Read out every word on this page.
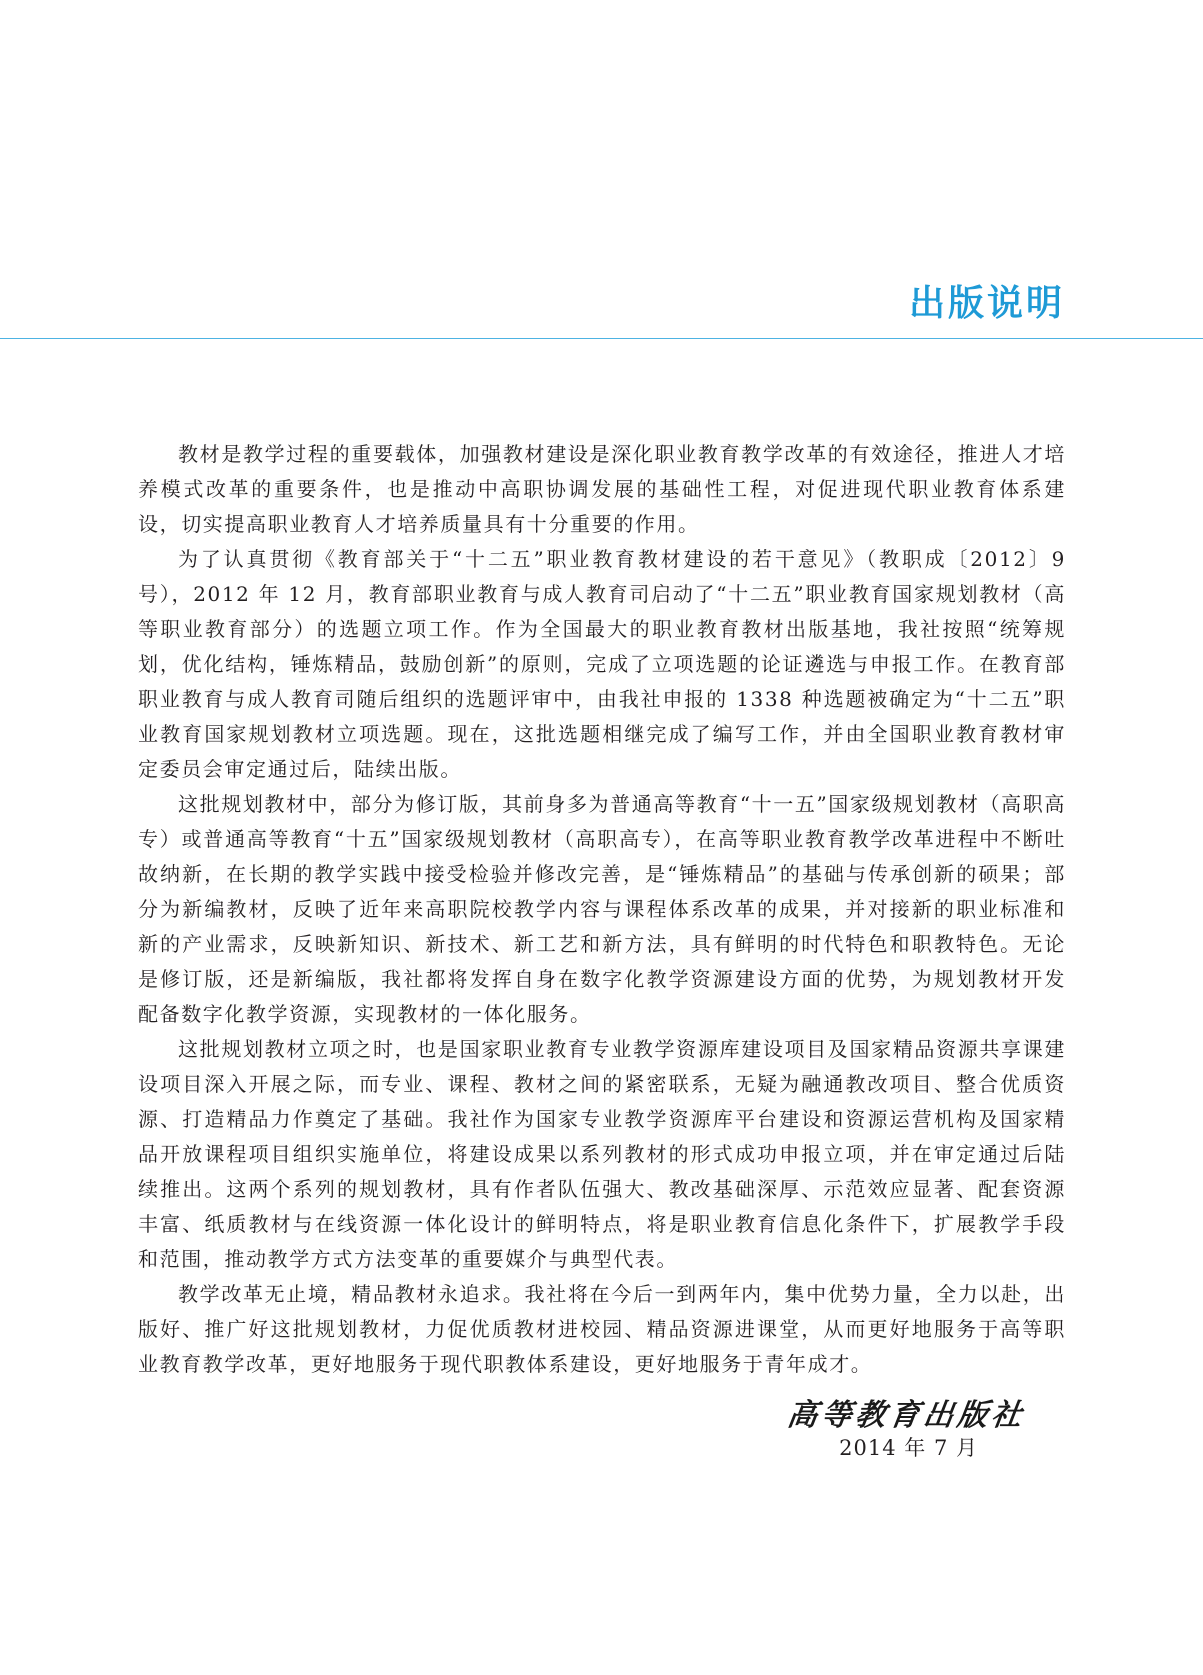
出版说明

教材是教学过程的重要载体，加强教材建设是深化职业教育教学改革的有效途径，推进人才培养模式改革的重要条件，也是推动中高职协调发展的基础性工程，对促进现代职业教育体系建设，切实提高职业教育人才培养质量具有十分重要的作用。

为了认真贯彻《教育部关于“十二五”职业教育教材建设的若干意见》（教职成〔2012〕9 号），2012 年 12 月，教育部职业教育与成人教育司启动了“十二五”职业教育国家规划教材（高等职业教育部分）的选题立项工作。作为全国最大的职业教育教材出版基地，我社按照“统筹规划，优化结构，锤炼精品，鼓励创新”的原则，完成了立项选题的论证遴选与申报工作。在教育部职业教育与成人教育司随后组织的选题评审中，由我社申报的 1338 种选题被确定为“十二五”职业教育国家规划教材立项选题。现在，这批选题相继完成了编写工作，并由全国职业教育教材审定委员会审定通过后，陆续出版。

这批规划教材中，部分为修订版，其前身多为普通高等教育“十一五”国家级规划教材（高职高专）或普通高等教育“十五”国家级规划教材（高职高专），在高等职业教育教学改革进程中不断吐故纳新，在长期的教学实践中接受检验并修改完善，是“锤炼精品”的基础与传承创新的硕果；部分为新编教材，反映了近年来高职院校教学内容与课程体系改革的成果，并对接新的职业标准和新的产业需求，反映新知识、新技术、新工艺和新方法，具有鲜明的时代特色和职教特色。无论是修订版，还是新编版，我社都将发挥自身在数字化教学资源建设方面的优势，为规划教材开发配备数字化教学资源，实现教材的一体化服务。

这批规划教材立项之时，也是国家职业教育专业教学资源库建设项目及国家精品资源共享课建设项目深入开展之际，而专业、课程、教材之间的紧密联系，无疑为融通教改项目、整合优质资源、打造精品力作奠定了基础。我社作为国家专业教学资源库平台建设和资源运营机构及国家精品开放课程项目组织实施单位，将建设成果以系列教材的形式成功申报立项，并在审定通过后陆续推出。这两个系列的规划教材，具有作者队伍强大、教改基础深厚、示范效应显著、配套资源丰富、纸质教材与在线资源一体化设计的鲜明特点，将是职业教育信息化条件下，扩展教学手段和范围，推动教学方式方法变革的重要媒介与典型代表。

教学改革无止境，精品教材永追求。我社将在今后一到两年内，集中优势力量，全力以赴，出版好、推广好这批规划教材，力促优质教材进校园、精品资源进课堂，从而更好地服务于高等职业教育教学改革，更好地服务于现代职教体系建设，更好地服务于青年成才。

高等教育出版社
2014 年 7 月
